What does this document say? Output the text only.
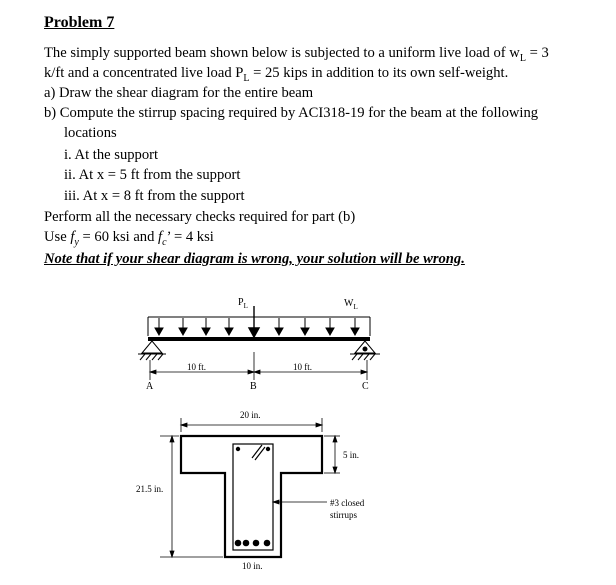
Problem 7
The simply supported beam shown below is subjected to a uniform live load of $w_L = 3$
k/ft and a concentrated live load $P_L = 25$ kips in addition to its own self-weight.
a) Draw the shear diagram for the entire beam
b) Compute the stirrup spacing required by ACI318-19 for the beam at the following
locations
i. At the support
ii. At x = 5 ft from the support
iii. At x = 8 ft from the support
Perform all the necessary checks required for part (b)
Use $f_y = 60$ ksi and $f_c$’ = 4 ksi
Note that if your shear diagram is wrong, your solution will be wrong.
$P_L$	$W_L$
10 ft.	10 ft.
A	B	C
20 in.
5 in.
21.5 in.
10 in.
#3 closed
stirrups
